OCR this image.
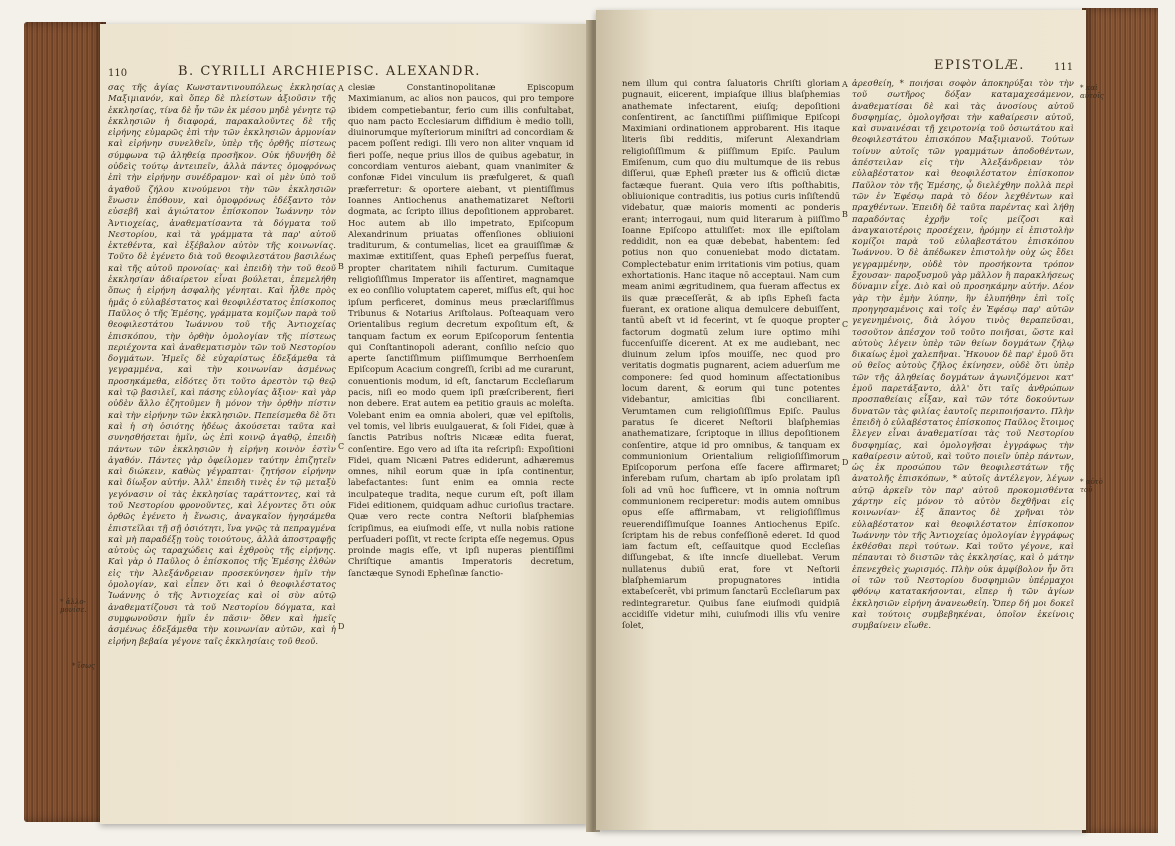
110	B. CYRILLI ARCHIEPISC. ALEXANDR.

σας τῆς ἁγίας Κωνσταντινουπόλεως ἐκκλησίας Μαξιμιανόν, καὶ ὅπερ δὲ πλείστων ἀξιοῦσιν τῆς ἐκκλησίας, τίνα δὲ ἦν τῶν ἐκ μέσου μηδὲ γένητε τῷ ἐκκλησιῶν ἡ διαφορά, παρακαλοῦντες δὲ τῆς εἰρήνης εὐμαρῶς ἐπὶ τὴν τῶν ἐκκλησιῶν ἁρμονίαν καὶ εἰρήνην συνελθεῖν, ὑπὲρ τῆς ὀρθῆς πίστεως σύμφωνα τῷ ἀληθείᾳ προσῆκον. Οὐκ ἠδυνήθη δὲ οὐδεὶς τούτῳ ἀντειπεῖν, ἀλλὰ πάντες ὁμοφρόνως ἐπὶ τὴν εἰρήνην συνέδραμον· καὶ οἱ μὲν ὑπὸ τοῦ ἀγαθοῦ ζήλου κινούμενοι τὴν τῶν ἐκκλησιῶν ἕνωσιν ἐπόθουν, καὶ ὁμοφρόνως ἐδέξαντο τὸν εὐσεβῆ καὶ ἁγιώτατον ἐπίσκοπον Ἰωάννην τὸν Ἀντιοχείας, ἀναθεματίσαντα τὰ δόγματα τοῦ Νεστορίου, καὶ τὰ γράμματα τὰ παρ' αὐτοῦ ἐκτεθέντα, καὶ ἐξέβαλον αὐτὸν τῆς κοινωνίας. Τοῦτο δὲ ἐγένετο διὰ τοῦ θεοφιλεστάτου βασιλέως καὶ τῆς αὐτοῦ προνοίας· καὶ ἐπειδὴ τὴν τοῦ θεοῦ ἐκκλησίαν ἀδιαίρετον εἶναι βούλεται, ἐπεμελήθη ὅπως ἡ εἰρήνη ἀσφαλὴς γένηται. Καὶ ἦλθε πρὸς ἡμᾶς ὁ εὐλαβέστατος καὶ θεοφιλέστατος ἐπίσκοπος Παῦλος ὁ τῆς Ἐμέσης, γράμματα κομίζων παρὰ τοῦ θεοφιλεστάτου Ἰωάννου τοῦ τῆς Ἀντιοχείας ἐπισκόπου, τὴν ὀρθὴν ὁμολογίαν τῆς πίστεως περιέχοντα καὶ ἀναθεματισμὸν τῶν τοῦ Νεστορίου δογμάτων. Ἡμεῖς δὲ εὐχαρίστως ἐδεξάμεθα τὰ γεγραμμένα, καὶ τὴν κοινωνίαν ἀσμένως προσηκάμεθα, εἰδότες ὅτι τοῦτο ἀρεστὸν τῷ θεῷ καὶ τῷ βασιλεῖ, καὶ πάσης εὐλογίας ἄξιον· καὶ γὰρ οὐδὲν ἄλλο ἐζητοῦμεν ἢ μόνον τὴν ὀρθὴν πίστιν καὶ τὴν εἰρήνην τῶν ἐκκλησιῶν. Πεπείσμεθα δὲ ὅτι καὶ ἡ σὴ ὁσιότης ἡδέως ἀκούσεται ταῦτα καὶ συνησθήσεται ἡμῖν, ὡς ἐπὶ κοινῷ ἀγαθῷ, ἐπειδὴ πάντων τῶν ἐκκλησιῶν ἡ εἰρήνη κοινὸν ἐστὶν ἀγαθόν. Πάντες γὰρ ὀφείλομεν ταύτην ἐπιζητεῖν καὶ διώκειν, καθὼς γέγραπται· ζητήσον εἰρήνην καὶ δίωξον αὐτήν. Ἀλλ' ἐπειδὴ τινὲς ἐν τῷ μεταξὺ γεγόνασιν οἱ τὰς ἐκκλησίας ταράττοντες, καὶ τὰ τοῦ Νεστορίου φρονοῦντες, καὶ λέγοντες ὅτι οὐκ ὀρθῶς ἐγένετο ἡ ἕνωσις, ἀναγκαῖον ἡγησάμεθα ἐπιστεῖλαι τῇ σῇ ὁσιότητι, ἵνα γνῷς τὰ πεπραγμένα καὶ μὴ παραδέξῃ τοὺς τοιούτους, ἀλλὰ ἀποστραφῇς αὐτοὺς ὡς ταραχώδεις καὶ ἐχθροὺς τῆς εἰρήνης. Καὶ γὰρ ὁ Παῦλος ὁ ἐπίσκοπος τῆς Ἐμέσης ἐλθὼν εἰς τὴν Ἀλεξάνδρειαν προσεκύνησεν ἡμῖν τὴν ὁμολογίαν, καὶ εἶπεν ὅτι καὶ ὁ θεοφιλέστατος Ἰωάννης ὁ τῆς Ἀντιοχείας καὶ οἱ σὺν αὐτῷ ἀναθεματίζουσι τὰ τοῦ Νεστορίου δόγματα, καὶ συμφωνοῦσιν ἡμῖν ἐν πᾶσιν· ὅθεν καὶ ἡμεῖς ἀσμένως ἐδεξάμεθα τὴν κοινωνίαν αὐτῶν, καὶ ἡ εἰρήνη βεβαία γέγονε ταῖς ἐκκλησίαις τοῦ θεοῦ.

A
B
C
D

clesiæ Constantinopolitanæ Episcopum Maximianum, ac alios non paucos, qui pro tempore ibidem competiebantur, ferio cum illis confultabat, quo nam pacto Ecclesiarum diffidium è medio tolli, diuinorumque myſteriorum miniſtri ad concordiam & pacem poſſent redigi. Illi vero non aliter vnquam id fieri poſſe, neque prius illos de quibus agebatur, in concordiam venturos aiebant, quam vnanimiter & confonæ Fidei vinculum iis præfulgeret, & quaſi præferretur: & oportere aiebant, vt pientiſſimus Ioannes Antiochenus anathematizaret Neſtorii dogmata, ac ſcripto illius depoſitionem approbaret. Hoc autem ab illo impetrato, Epiſcopum Alexandrinum priuatas offenſiones obliuioni traditurum, & contumelias, licet ea grauiſſimæ & maximæ extitiſſent, quas Epheſi perpeſſus fuerat, propter charitatem nihili facturum. Cumitaque religioſiſſimus Imperator iis aſſentiret, magnamque ex eo conſilio voluptatem caperet, miſſus eſt, qui hoc ipſum perficeret, dominus meus præclariſſimus Tribunus & Notarius Ariſtolaus. Poſteaquam vero Orientalibus regium decretum expoſitum eſt, & tanquam factum ex eorum Epiſcoporum ſententia qui Conſtantinopoli aderant, conſilio neſcio quo aperte ſanctiſſimum piiſſimumque Berrhoenſem Epiſcopum Acacium congreſſi, ſcribi ad me curarunt, conuentionis modum, id eſt, ſanctarum Eccleſiarum pacis, niſi eo modo quem ipſi præſcriberent, fieri non debere. Erat autem ea petitio grauis ac moleſta. Volebant enim ea omnia aboleri, quæ vel epiſtolis, vel tomis, vel libris euulgauerat, & ſoli Fidei, quæ à ſanctis Patribus noſtris Nicææ edita fuerat, conſentire. Ego vero ad iſta ita reſcripſi: Expoſitioni Fidei, quam Nicæni Patres ediderunt, adhæremus omnes, nihil eorum quæ in ipſa continentur, labefactantes: ſunt enim ea omnia recte inculpateque tradita, neque curum eſt, poſt illam Fidei editionem, quidquam adhuc curioſius tractare. Quæ vero recte contra Neſtorii blaſphemias ſcripſimus, ea eiuſmodi eſſe, vt nulla nobis ratione perſuaderi poſſit, vt recte ſcripta eſſe negemus. Opus proinde magis eſſe, vt ipſi nuperas pientiſſimi Chriſtique amantis Imperatoris decretum, ſanctæque Synodi Epheſinæ ſanctio-

* ἀλλο-μονίσε.
* ἴσως
EPISTOLÆ.	111

nem illum qui contra ſaluatoris Chriſti gloriam pugnauit, eiicerent, impiaſque illius blaſphemias anathemate infectarent, eiuſq; depoſitioni conſentirent, ac ſanctiſſimi piiſſimique Epiſcopi Maximiani ordinationem approbarent. His itaque literis ſibi redditis, miſerunt Alexandriam religioſiſſimum & piiſſimum Epiſc. Paulum Emiſenum, cum quo diu multumque de iis rebus diſſerui, quæ Epheſi præter ius & officiū dictæ factæque fuerant. Quia vero iſtis poſthabitis, obliuionique contraditis, ius potius curis inſiſtendū videbatur, quæ maioris momenti ac ponderis erant; interrogaui, num quid literarum à piiſſimo Ioanne Epiſcopo attuliſſet: mox ille epiſtolam reddidit, non ea quæ debebat, habentem: ſed potius non quo conueniebat modo dictatam. Complectebatur enim irritationis vim potius, quam exhortationis. Hanc itaque nō acceptaui. Nam cum meam animi ægritudinem, qua fueram affectus ex iis quæ præceſſerāt, & ab ipſis Epheſi facta fuerant, ex oratione aliqua demulcere debuiſſent, tantū abeſt vt id fecerint, vt ſe quoque propter factorum dogmatū zelum iure optimo mihi fuccenſuiſſe dicerent. At ex me audiebant, nec diuinum zelum ipſos mouiſſe, nec quod pro veritatis dogmatis pugnarent, aciem aduerſum me componere: ſed quod hominum aſſectationibus locum darent, & eorum qui tunc potentes videbantur, amicitias ſibi conciliarent. Verumtamen cum religioſiſſimus Epiſc. Paulus paratus ſe diceret Neſtorii blaſphemias anathematizare, ſcriptoque in illius depoſitionem conſentire, atque id pro omnibus, & tanquam ex communionium Orientalium religioſiſſimorum Epiſcoporum perſona eſſe facere affirmaret; inferebam ruſum, chartam ab ipſo prolatam ipſi ſoli ad vnū hoc ſufficere, vt in omnia noſtrum communionem reciperetur: modis autem omnibus opus eſſe affirmabam, vt religioſiſſimus reuerendiſſimuſque Ioannes Antiochenus Epiſc. ſcriptam his de rebus confeſſionē ederet. Id quod iam factum eſt, ceſſauitque quod Eccleſias diſſungebat, & iſte inncſe diuellebat. Verum nullatenus dubiū erat, fore vt Neſtorii blaſphemiarum propugnatores intidia extabeſcerēt, vbi primum ſanctarū Eccleſiarum pax redintegraretur. Quibus ſane eiuſmodi quidpiā accidiſſe videtur mihi, cuiuſmodi illis vſu venire ſolet,

A
B
C
D

ἀρεσθείη, * ποιήσαι σοφὸν ἀποκηρύξαι τὸν τὴν τοῦ σωτῆρος δόξαν καταμαχεσάμενον, ἀναθεματίσαι δὲ καὶ τὰς ἀνοσίους αὐτοῦ δυσφημίας, ὁμολογῆσαι τὴν καθαίρεσιν αὐτοῦ, καὶ συναινέσαι τῇ χειροτονίᾳ τοῦ ὁσιωτάτου καὶ θεοφιλεστάτου ἐπισκόπου Μαξιμιανοῦ. Τούτων τοίνυν αὐτοῖς τῶν γραμμάτων ἀποδοθέντων, ἀπέστειλαν εἰς τὴν Ἀλεξάνδρειαν τὸν εὐλαβέστατον καὶ θεοφιλέστατον ἐπίσκοπον Παῦλον τὸν τῆς Ἐμέσης, ᾧ διελέχθην πολλὰ περὶ τῶν ἐν Ἐφέσῳ παρὰ τὸ δέον λεχθέντων καὶ πραχθέντων. Ἐπειδὴ δὲ ταῦτα παρέντας καὶ λήθῃ παραδόντας ἐχρῆν τοῖς μείζοσι καὶ ἀναγκαιοτέροις προσέχειν, ἠρόμην εἰ ἐπιστολὴν κομίζοι παρὰ τοῦ εὐλαβεστάτου ἐπισκόπου Ἰωάννου. Ὁ δὲ ἀπέδωκεν ἐπιστολὴν οὐχ ὡς ἔδει γεγραμμένην, οὐδὲ τὸν προσήκοντα τρόπον ἔχουσαν· παροξυσμοῦ γὰρ μᾶλλον ἢ παρακλήσεως δύναμιν εἶχε. Διὸ καὶ οὐ προσηκάμην αὐτήν. Δέον γὰρ τὴν ἐμὴν λύπην, ἣν ἐλυπήθην ἐπὶ τοῖς προηγησαμένοις καὶ τοῖς ἐν Ἐφέσῳ παρ' αὐτῶν γεγενημένοις, διὰ λόγου τινὸς θεραπεῦσαι, τοσοῦτον ἀπέσχον τοῦ τοῦτο ποιῆσαι, ὥστε καὶ αὐτοὺς λέγειν ὑπὲρ τῶν θείων δογμάτων ζήλῳ δικαίως ἐμοὶ χαλεπῆναι. Ἤκουον δὲ παρ' ἐμοῦ ὅτι οὐ θεῖος αὐτοὺς ζῆλος ἐκίνησεν, οὐδὲ ὅτι ὑπὲρ τῶν τῆς ἀληθείας δογμάτων ἀγωνιζόμενοι κατ' ἐμοῦ παρετάξαντο, ἀλλ' ὅτι ταῖς ἀνθρώπων προσπαθείαις εἶξαν, καὶ τῶν τότε δοκούντων δυνατῶν τὰς φιλίας ἑαυτοῖς περιποιήσαντο. Πλὴν ἐπειδὴ ὁ εὐλαβέστατος ἐπίσκοπος Παῦλος ἕτοιμος ἔλεγεν εἶναι ἀναθεματίσαι τὰς τοῦ Νεστορίου δυσφημίας, καὶ ὁμολογῆσαι ἐγγράφως τὴν καθαίρεσιν αὐτοῦ, καὶ τοῦτο ποιεῖν ὑπὲρ πάντων, ὡς ἐκ προσώπου τῶν θεοφιλεστάτων τῆς ἀνατολῆς ἐπισκόπων, * αὐτοῖς ἀντέλεγον, λέγων αὐτῷ ἀρκεῖν τὸν παρ' αὐτοῦ προκομισθέντα χάρτην εἰς μόνον τὸ αὐτὸν δεχθῆναι εἰς κοινωνίαν· ἐξ ἅπαντος δὲ χρῆναι τὸν εὐλαβέστατον καὶ θεοφιλέστατον ἐπίσκοπον Ἰωάννην τὸν τῆς Ἀντιοχείας ὁμολογίαν ἐγγράφως ἐκθέσθαι περὶ τούτων. Καὶ τοῦτο γέγονε, καὶ πέπαυται τὸ διιστῶν τὰς ἐκκλησίας, καὶ ὁ μάτην ἐπενεχθεὶς χωρισμός. Πλὴν οὐκ ἀμφίβολον ἦν ὅτι οἱ τῶν τοῦ Νεστορίου δυσφημιῶν ὑπέρμαχοι φθόνῳ κατατακήσονται, εἴπερ ἡ τῶν ἁγίων ἐκκλησιῶν εἰρήνη ἀνανεωθείη. Ὅπερ δή μοι δοκεῖ καὶ τούτοις συμβεβηκέναι, ὁποῖον ἐκείνοις συμβαίνειν εἴωθε.

* καὶ αὐτοῖς
* αὐτὸ τοῦ
